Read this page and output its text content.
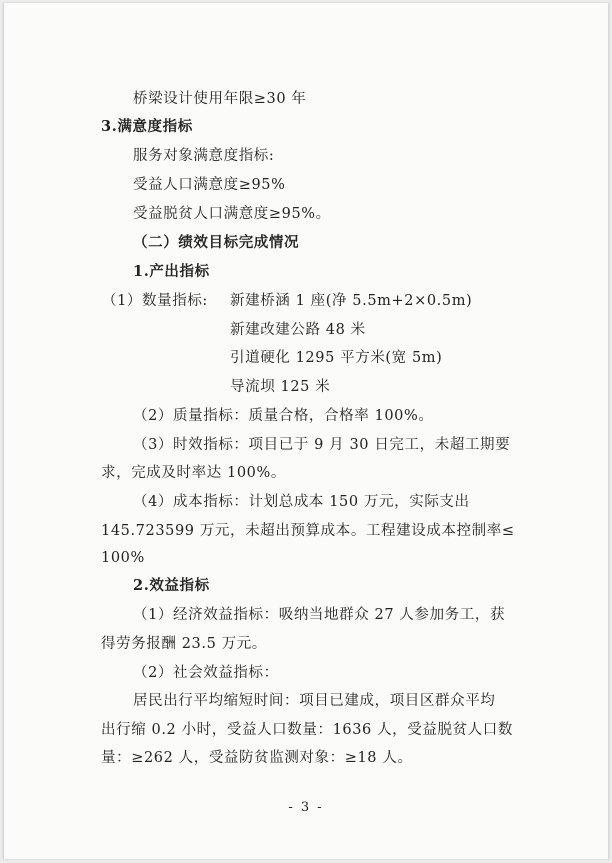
桥梁设计使用年限≥30 年
3.满意度指标
服务对象满意度指标:
受益人口满意度≥95%
受益脱贫人口满意度≥95%。
（二）绩效目标完成情况
1.产出指标
（1）数量指标: 新建桥涵 1 座(净 5.5m+2×0.5m)
新建改建公路 48 米
引道硬化 1295 平方米(宽 5m)
导流坝 125 米
（2）质量指标：质量合格，合格率 100%。
（3）时效指标：项目已于 9 月 30 日完工，未超工期要
求，完成及时率达 100%。
（4）成本指标：计划总成本 150 万元，实际支出
145.723599 万元，未超出预算成本。工程建设成本控制率≤
100%
2.效益指标
（1）经济效益指标：吸纳当地群众 27 人参加务工，获
得劳务报酬 23.5 万元。
（2）社会效益指标：
居民出行平均缩短时间：项目已建成，项目区群众平均
出行缩 0.2 小时，受益人口数量：1636 人，受益脱贫人口数
量：≥262 人，受益防贫监测对象：≥18 人。
- 3 -
